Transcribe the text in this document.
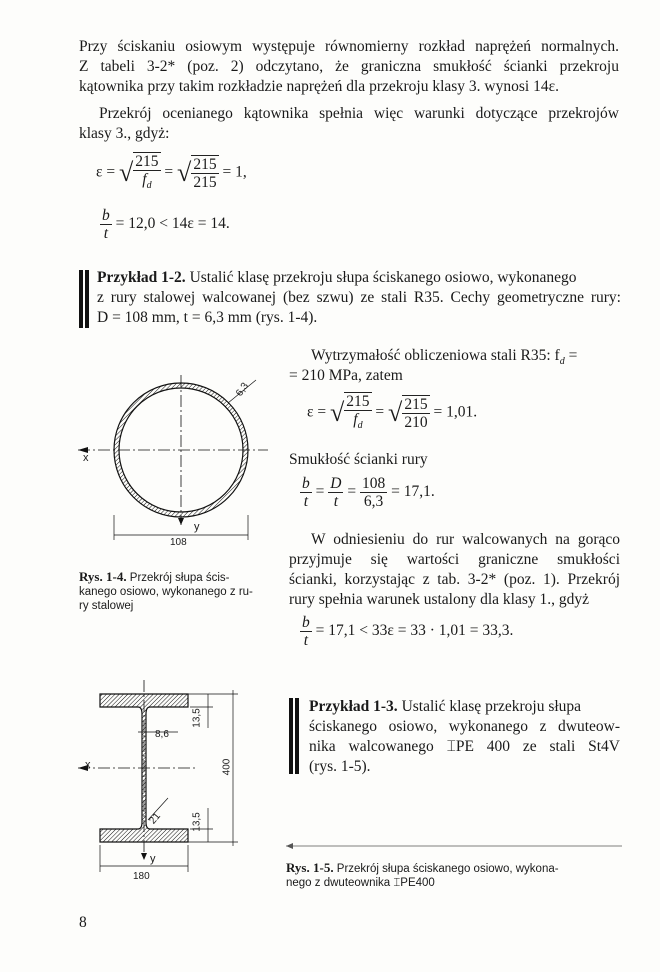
Przy ściskaniu osiowym występuje równomierny rozkład naprężeń normalnych.

Z tabeli 3-2* (poz. 2) odczytano, że graniczna smukłość ścianki przekroju

kątownika przy takim rozkładzie naprężeń dla przekroju klasy 3. wynosi 14ε.

Przekrój ocenianego kątownika spełnia więc warunki dotyczące przekrojów

klasy 3., gdyż:

ε = √ $\frac{215}{f_d}$ = √ $\frac{215}{215} = 1$,
$\frac{b}{t} = 12,0 < 14\varepsilon = 14$.

Przykład 1-2. Ustalić klasę przekroju słupa ściskanego osiowo, wykonanego

z rury stalowej walcowanej (bez szwu) ze stali R35. Cechy geometryczne rury:

D = 108 mm, t = 6,3 mm (rys. 1-4).

x
y
6,3
108
Rys. 1-4. Przekrój słupa ścis-
kanego osiowo, wykonanego z ru-
ry stalowej

Wytrzymałość obliczeniowa stali R35: $f_d$ =

= 210 MPa, zatem

ε = √ $\frac{215}{f_d}$ = √ $\frac{215}{210} = 1,01$.

Smukłość ścianki rury

$\frac{b}{t} = \frac{D}{t} = \frac{108}{6,3} = 17,1$.

W odniesieniu do rur walcowanych na gorąco

przyjmuje się wartości graniczne smukłości

ścianki, korzystając z tab. 3-2* (poz. 1). Przekrój

rury spełnia warunek ustalony dla klasy 1., gdyż

$\frac{b}{t} = 17,1 < 33\varepsilon = 33 \cdot 1,01 = 33,3$.
x
y
8,6
13,5
13,5
400
21
180

Przykład 1-3. Ustalić klasę przekroju słupa

ściskanego osiowo, wykonanego z dwuteow-

nika walcowanego ⌶PE 400 ze stali St4V

(rys. 1-5).

Rys. 1-5. Przekrój słupa ściskanego osiowo, wykona-
nego z dwuteownika ⌶PE400
8
